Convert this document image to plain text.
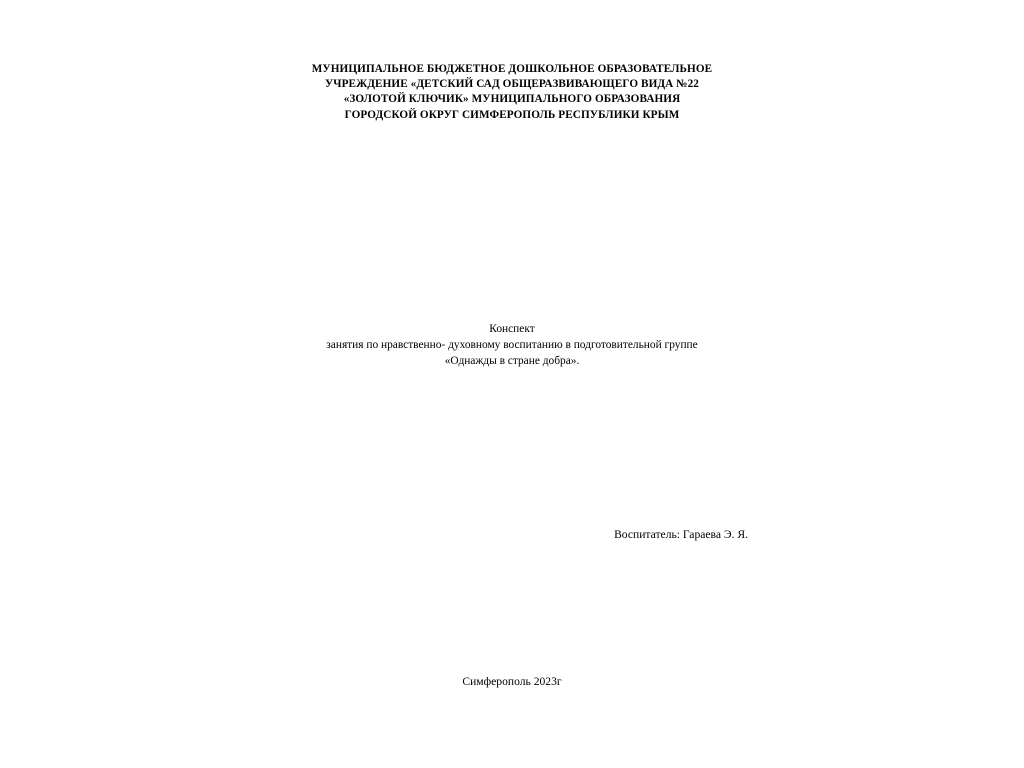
МУНИЦИПАЛЬНОЕ БЮДЖЕТНОЕ ДОШКОЛЬНОЕ ОБРАЗОВАТЕЛЬНОЕ
УЧРЕЖДЕНИЕ «ДЕТСКИЙ САД ОБЩЕРАЗВИВАЮЩЕГО ВИДА №22
«ЗОЛОТОЙ КЛЮЧИК» МУНИЦИПАЛЬНОГО ОБРАЗОВАНИЯ
ГОРОДСКОЙ ОКРУГ СИМФЕРОПОЛЬ РЕСПУБЛИКИ КРЫМ
Конспект
занятия по нравственно- духовному воспитанию в подготовительной группе
«Однажды в стране добра».
Воспитатель: Гараева Э. Я.
Симферополь 2023г
